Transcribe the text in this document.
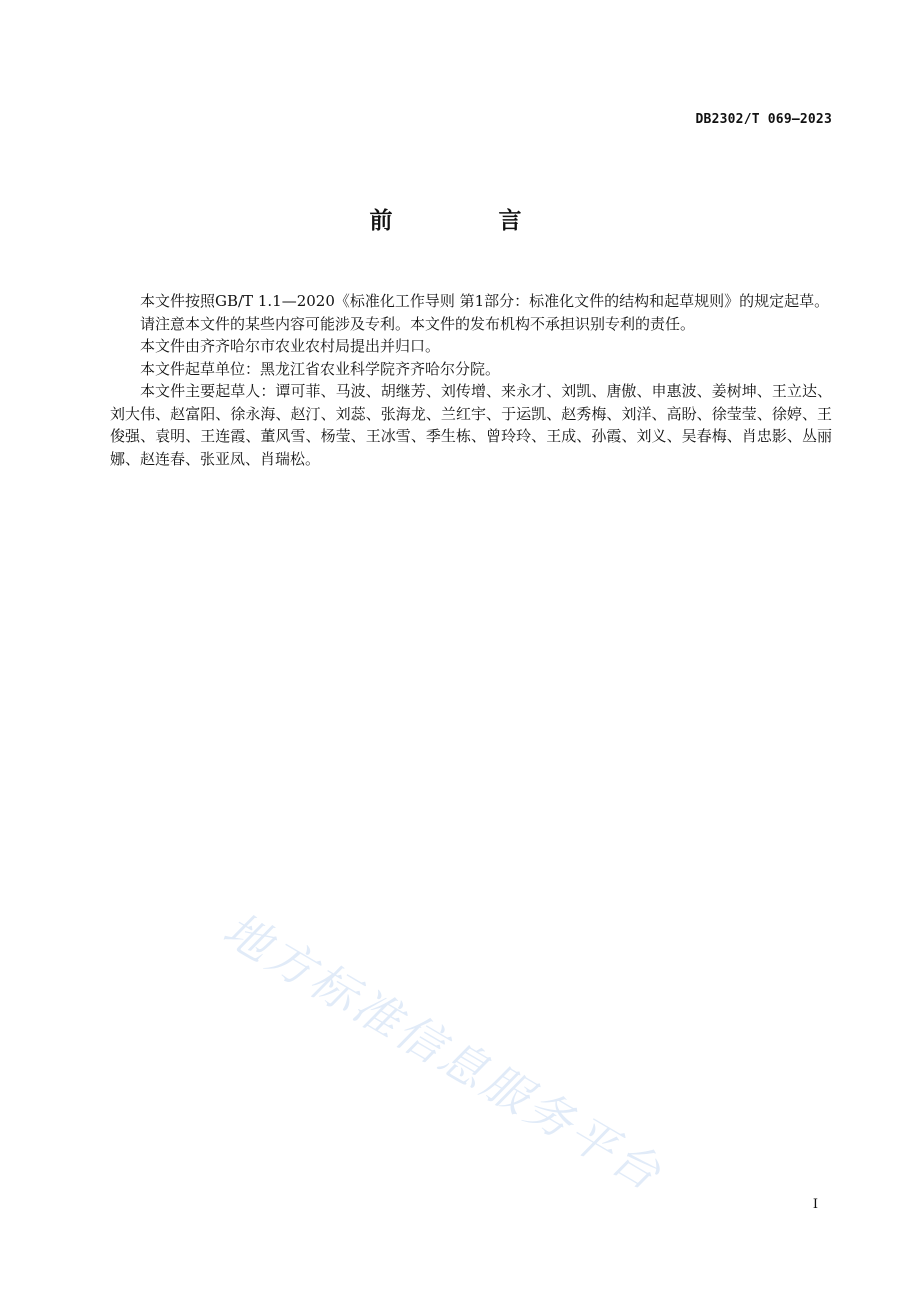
DB2302/T 069—2023
前 言

本文件按照GB/T 1.1—2020《标准化工作导则 第1部分：标准化文件的结构和起草规则》的规定起草。

请注意本文件的某些内容可能涉及专利。本文件的发布机构不承担识别专利的责任。

本文件由齐齐哈尔市农业农村局提出并归口。

本文件起草单位：黑龙江省农业科学院齐齐哈尔分院。

本文件主要起草人：谭可菲、马波、胡继芳、刘传增、来永才、刘凯、唐傲、申惠波、姜树坤、王立达、刘大伟、赵富阳、徐永海、赵汀、刘蕊、张海龙、兰红宇、于运凯、赵秀梅、刘洋、高盼、徐莹莹、徐婷、王俊强、袁明、王连霞、董风雪、杨莹、王冰雪、季生栋、曾玲玲、王成、孙霞、刘义、吴春梅、肖忠影、丛丽娜、赵连春、张亚凤、肖瑞松。

地方标准信息服务平台
I
